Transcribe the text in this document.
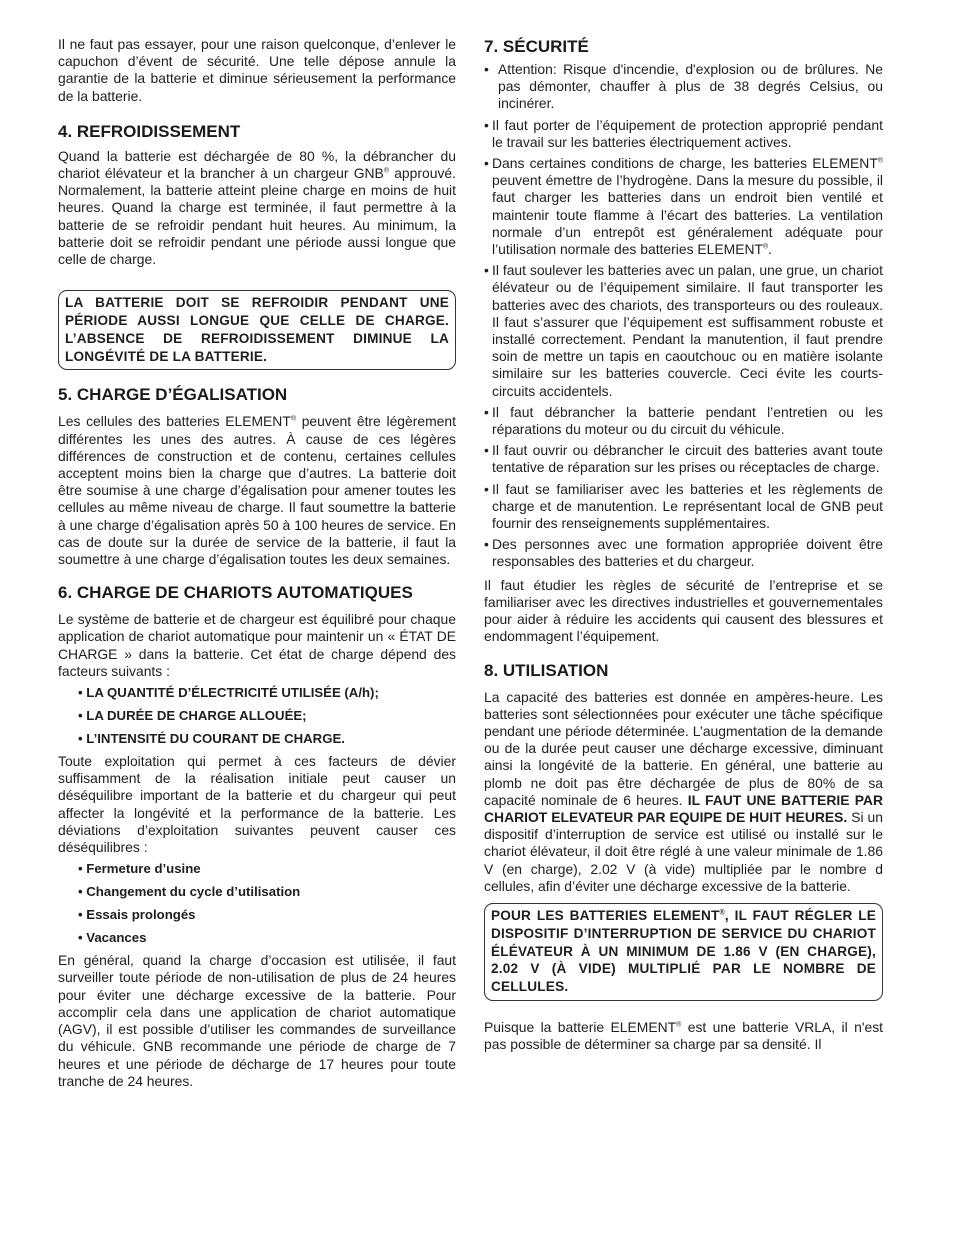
Il ne faut pas essayer, pour une raison quelconque, d’enlever le capuchon d’évent de sécurité. Une telle dépose annule la garantie de la batterie et diminue sérieusement la performance de la batterie.

4. REFROIDISSEMENT

Quand la batterie est déchargée de 80 %, la débrancher du chariot élévateur et la brancher à un chargeur GNB® approuvé. Normalement, la batterie atteint pleine charge en moins de huit heures. Quand la charge est terminée, il faut permettre à la batterie de se refroidir pendant huit heures. Au minimum, la batterie doit se refroidir pendant une période aussi longue que celle de charge.

LA BATTERIE DOIT SE REFROIDIR PENDANT UNE PÉRIODE AUSSI LONGUE QUE CELLE DE CHARGE. L’ABSENCE DE REFROIDISSEMENT DIMINUE LA LONGÉVITÉ DE LA BATTERIE.
5. CHARGE D’ÉGALISATION

Les cellules des batteries ELEMENT® peuvent être légèrement différentes les unes des autres. À cause de ces légères différences de construction et de contenu, certaines cellules acceptent moins bien la charge que d’autres. La batterie doit être soumise à une charge d’égalisation pour amener toutes les cellules au même niveau de charge. Il faut soumettre la batterie à une charge d’égalisation après 50 à 100 heures de service. En cas de doute sur la durée de service de la batterie, il faut la soumettre à une charge d’égalisation toutes les deux semaines.

6. CHARGE DE CHARIOTS AUTOMATIQUES

Le système de batterie et de chargeur est équilibré pour chaque application de chariot automatique pour maintenir un « ÉTAT DE CHARGE » dans la batterie. Cet état de charge dépend des facteurs suivants :

• LA QUANTITÉ D’ÉLECTRICITÉ UTILISÉE (A/h);
• LA DURÉE DE CHARGE ALLOUÉE;
• L’INTENSITÉ DU COURANT DE CHARGE.

Toute exploitation qui permet à ces facteurs de dévier suffisamment de la réalisation initiale peut causer un déséquilibre important de la batterie et du chargeur qui peut affecter la longévité et la performance de la batterie. Les déviations d’exploitation suivantes peuvent causer ces déséquilibres :

• Fermeture d’usine
• Changement du cycle d’utilisation
• Essais prolongés
• Vacances

En général, quand la charge d’occasion est utilisée, il faut surveiller toute période de non-utilisation de plus de 24 heures pour éviter une décharge excessive de la batterie. Pour accomplir cela dans une application de chariot automatique (AGV), il est possible d’utiliser les commandes de surveillance du véhicule. GNB recommande une période de charge de 7 heures et une période de décharge de 17 heures pour toute tranche de 24 heures.

7. SÉCURITÉ
• Attention: Risque d'incendie, d'explosion ou de brûlures. Ne pas démonter, chauffer à plus de 38 degrés Celsius, ou incinérer.
• Il faut porter de l’équipement de protection approprié pendant le travail sur les batteries électriquement actives.
• Dans certaines conditions de charge, les batteries ELEMENT® peuvent émettre de l’hydrogène. Dans la mesure du possible, il faut charger les batteries dans un endroit bien ventilé et maintenir toute flamme à l’écart des batteries. La ventilation normale d’un entrepôt est généralement adéquate pour l’utilisation normale des batteries ELEMENT®.
• Il faut soulever les batteries avec un palan, une grue, un chariot élévateur ou de l’équipement similaire. Il faut transporter les batteries avec des chariots, des transporteurs ou des rouleaux. Il faut s’assurer que l’équipement est suffisamment robuste et installé correctement. Pendant la manutention, il faut prendre soin de mettre un tapis en caoutchouc ou en matière isolante similaire sur les batteries couvercle. Ceci évite les courts-circuits accidentels.
• Il faut débrancher la batterie pendant l’entretien ou les réparations du moteur ou du circuit du véhicule.
• Il faut ouvrir ou débrancher le circuit des batteries avant toute tentative de réparation sur les prises ou réceptacles de charge.
• Il faut se familiariser avec les batteries et les règlements de charge et de manutention. Le représentant local de GNB peut fournir des renseignements supplémentaires.
• Des personnes avec une formation appropriée doivent être responsables des batteries et du chargeur.

Il faut étudier les règles de sécurité de l’entreprise et se familiariser avec les directives industrielles et gouvernementales pour aider à réduire les accidents qui causent des blessures et endommagent l’équipement.

8. UTILISATION

La capacité des batteries est donnée en ampères-heure. Les batteries sont sélectionnées pour exécuter une tâche spécifique pendant une période déterminée. L’augmentation de la demande ou de la durée peut causer une décharge excessive, diminuant ainsi la longévité de la batterie. En général, une batterie au plomb ne doit pas être déchargée de plus de 80% de sa capacité nominale de 6 heures. IL FAUT UNE BATTERIE PAR CHARIOT ELEVATEUR PAR EQUIPE DE HUIT HEURES. Si un dispositif d’interruption de service est utilisé ou installé sur le chariot élévateur, il doit être réglé à une valeur minimale de 1.86 V (en charge), 2.02 V (à vide) multipliée par le nombre d cellules, afin d’éviter une décharge excessive de la batterie.

POUR LES BATTERIES ELEMENT®, IL FAUT RÉGLER LE DISPOSITIF D’INTERRUPTION DE SERVICE DU CHARIOT ÉLÉVATEUR À UN MINIMUM DE 1.86 V (EN CHARGE), 2.02 V (À VIDE) MULTIPLIÉ PAR LE NOMBRE DE CELLULES.

Puisque la batterie ELEMENT® est une batterie VRLA, il n'est pas possible de déterminer sa charge par sa densité. Il
